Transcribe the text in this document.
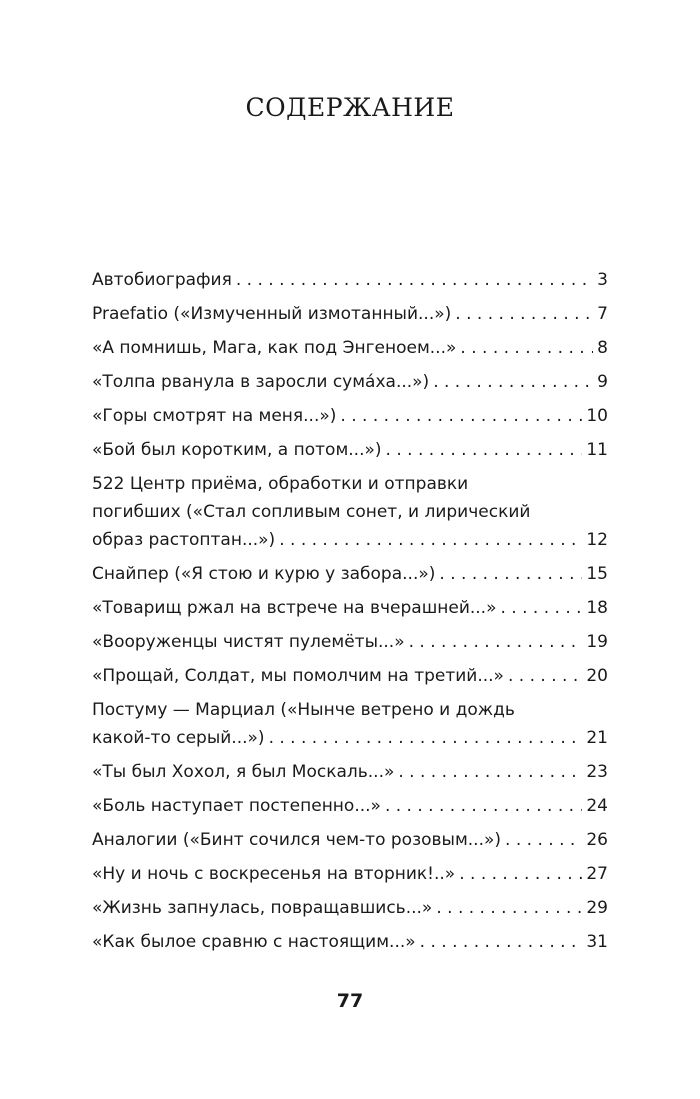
СОДЕРЖАНИЕ
Автобиография . . .	3
Praefatio («Измученный измотанный...») . . .	7
«А помнишь, Мага, как под Энгеноем...» . . .	8
«Толпа рванула в заросли сума́ха...») . . .	9
«Горы смотрят на меня...») . . .	10
«Бой был коротким, а потом...») . . .	11
522 Центр приёма, обработки и отправки
погибших («Стал сопливым сонет, и лирический
образ растоптан...») . . .	12
Снайпер («Я стою и курю у забора...») . . .	15
«Товарищ ржал на встрече на вчерашней...» . . .	18
«Вооруженцы чистят пулемёты...» . . .	19
«Прощай, Солдат, мы помолчим на третий...» . . .	20
Постуму — Марциал («Нынче ветрено и дождь
какой-то серый...») . . .	21
«Ты был Хохол, я был Москаль...» . . .	23
«Боль наступает постепенно...» . . .	24
Аналогии («Бинт сочился чем-то розовым...») . . .	26
«Ну и ночь с воскресенья на вторник!..» . . .	27
«Жизнь запнулась, повращавшись...» . . .	29
«Как былое сравню с настоящим...» . . .	31
77
